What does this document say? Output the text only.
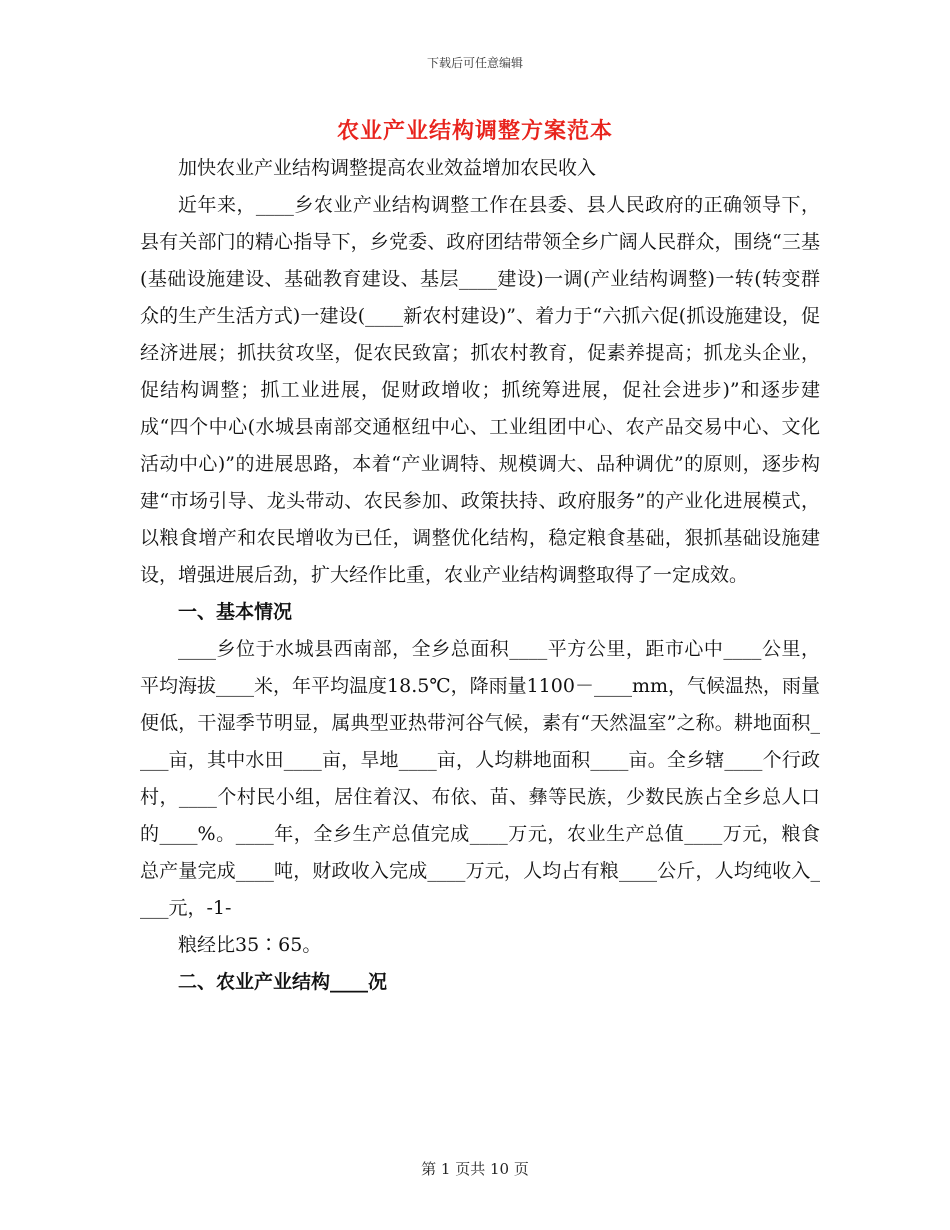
下载后可任意编辑
农业产业结构调整方案范本

加快农业产业结构调整提高农业效益增加农民收入

近年来，____乡农业产业结构调整工作在县委、县人民政府的正确领导下，县有关部门的精心指导下，乡党委、政府团结带领全乡广阔人民群众，围绕“三基(基础设施建设、基础教育建设、基层____建设)一调(产业结构调整)一转(转变群众的生产生活方式)一建设(____新农村建设)”、着力于“六抓六促(抓设施建设，促经济进展；抓扶贫攻坚，促农民致富；抓农村教育，促素养提高；抓龙头企业，促结构调整；抓工业进展，促财政增收；抓统筹进展，促社会进步)”和逐步建成“四个中心(水城县南部交通枢纽中心、工业组团中心、农产品交易中心、文化活动中心)”的进展思路，本着“产业调特、规模调大、品种调优”的原则，逐步构建“市场引导、龙头带动、农民参加、政策扶持、政府服务”的产业化进展模式，以粮食增产和农民增收为已任，调整优化结构，稳定粮食基础，狠抓基础设施建设，增强进展后劲，扩大经作比重，农业产业结构调整取得了一定成效。

一、基本情况

____乡位于水城县西南部，全乡总面积____平方公里，距市心中____公里，平均海拔____米，年平均温度18.5℃，降雨量1100－____mm，气候温热，雨量便低，干湿季节明显，属典型亚热带河谷气候，素有“天然温室”之称。耕地面积____亩，其中水田____亩，旱地____亩，人均耕地面积____亩。全乡辖____个行政村，____个村民小组，居住着汉、布依、苗、彝等民族，少数民族占全乡总人口的____%。____年，全乡生产总值完成____万元，农业生产总值____万元，粮食总产量完成____吨，财政收入完成____万元，人均占有粮____公斤，人均纯收入____元，-1-

粮经比35∶65。

二、农业产业结构____况

第 1 页共 10 页
